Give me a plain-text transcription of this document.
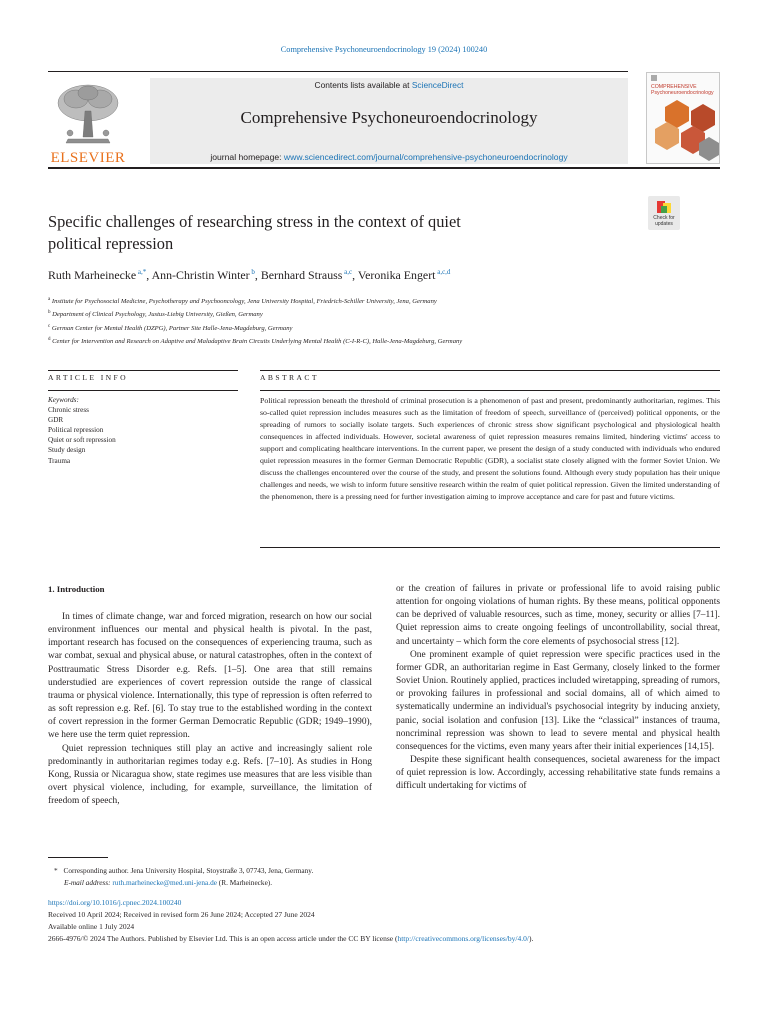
Comprehensive Psychoneuroendocrinology 19 (2024) 100240
ELSEVIER
Contents lists available at ScienceDirect
Comprehensive Psychoneuroendocrinology
journal homepage: www.sciencedirect.com/journal/comprehensive-psychoneuroendocrinology
COMPREHENSIVE
Psychoneuroendocrinology
Check for
updates
Specific challenges of researching stress in the context of quiet
political repression
Ruth Marheinecke $^{a,*}$, Ann-Christin Winter $^b$, Bernhard Strauss $^{a,c}$, Veronika Engert $^{a,c,d}$
$^a$ Institute for Psychosocial Medicine, Psychotherapy and Psychooncology, Jena University Hospital, Friedrich-Schiller University, Jena, Germany
$^b$ Department of Clinical Psychology, Justus-Liebig University, Gießen, Germany
$^c$ German Center for Mental Health (DZPG), Partner Site Halle-Jena-Magdeburg, Germany
$^d$ Center for Intervention and Research on Adaptive and Maladaptive Brain Circuits Underlying Mental Health (C-I-R-C), Halle-Jena-Magdeburg, Germany
ARTICLE INFO	ABSTRACT
Keywords:
Chronic stress
GDR
Political repression
Quiet or soft repression
Study design
Trauma
Political repression beneath the threshold of criminal prosecution is a phenomenon of past and present, predominantly authoritarian, regimes. This so-called quiet repression includes measures such as the limitation of freedom of speech, surveillance of (perceived) political opponents, or the spreading of rumors to socially isolate targets. Such experiences of chronic stress show significant psychological and physiological health consequences in affected individuals. However, societal awareness of quiet repression measures remains limited, hindering victims' access to support and complicating healthcare interventions. In the current paper, we present the design of a study conducted with individuals who endured quiet repression measures in the former German Democratic Republic (GDR), a socialist state closely aligned with the former Soviet Union. We discuss the challenges encountered over the course of the study, and present the solutions found. Although every study population has their unique challenges and needs, we wish to inform future sensitive research within the realm of quiet political repression. Given the limited understanding of the phenomenon, there is a pressing need for further investigation aiming to improve acceptance and care for past and future victims.
1. Introduction

In times of climate change, war and forced migration, research on how our social environment influences our mental and physical health is pivotal. In the past, important research has focused on the consequences of experiencing trauma, such as war combat, sexual and physical abuse, or natural catastrophes, often in the context of Posttraumatic Stress Disorder e.g. Refs. [1–5]. One area that still remains understudied are experiences of covert repression outside the range of classical trauma or physical violence. Internationally, this type of repression is often referred to as soft repression e.g. Ref. [6]. To stay true to the established wording in the context of covert repression in the former German Democratic Republic (GDR; 1949–1990), we here use the term quiet repression.

Quiet repression techniques still play an active and increasingly salient role predominantly in authoritarian regimes today e.g. Refs. [7–10]. As studies in Hong Kong, Russia or Nicaragua show, state regimes use measures that are less visible than overt physical violence, including, for example, surveillance, the limitation of freedom of speech,

or the creation of failures in private or professional life to avoid raising public attention for ongoing violations of human rights. By these means, political opponents can be deprived of valuable resources, such as time, money, security or allies [7–11]. Quiet repression aims to create ongoing feelings of uncontrollability, social threat, and uncertainty – which form the core elements of psychosocial stress [12].

One prominent example of quiet repression were specific practices used in the former GDR, an authoritarian regime in East Germany, closely linked to the former Soviet Union. Routinely applied, practices included wiretapping, spreading of rumors, or provoking failures in professional and social domains, all of which aimed to systematically undermine an individual's psychosocial integrity by inducing anxiety, panic, social isolation and confusion [13]. Like the “classical” instances of trauma, noncriminal repression was shown to lead to severe mental and physical health consequences for the victims, even many years after their initial experiences [14,15].

Despite these significant health consequences, societal awareness for the impact of quiet repression is low. Accordingly, accessing rehabilitative state funds remains a difficult undertaking for victims of

* Corresponding author. Jena University Hospital, Stoystraße 3, 07743, Jena, Germany.
E-mail address: ruth.marheinecke@med.uni-jena.de (R. Marheinecke).
https://doi.org/10.1016/j.cpnec.2024.100240
Received 10 April 2024; Received in revised form 26 June 2024; Accepted 27 June 2024
Available online 1 July 2024
2666-4976/© 2024 The Authors. Published by Elsevier Ltd. This is an open access article under the CC BY license (http://creativecommons.org/licenses/by/4.0/).
